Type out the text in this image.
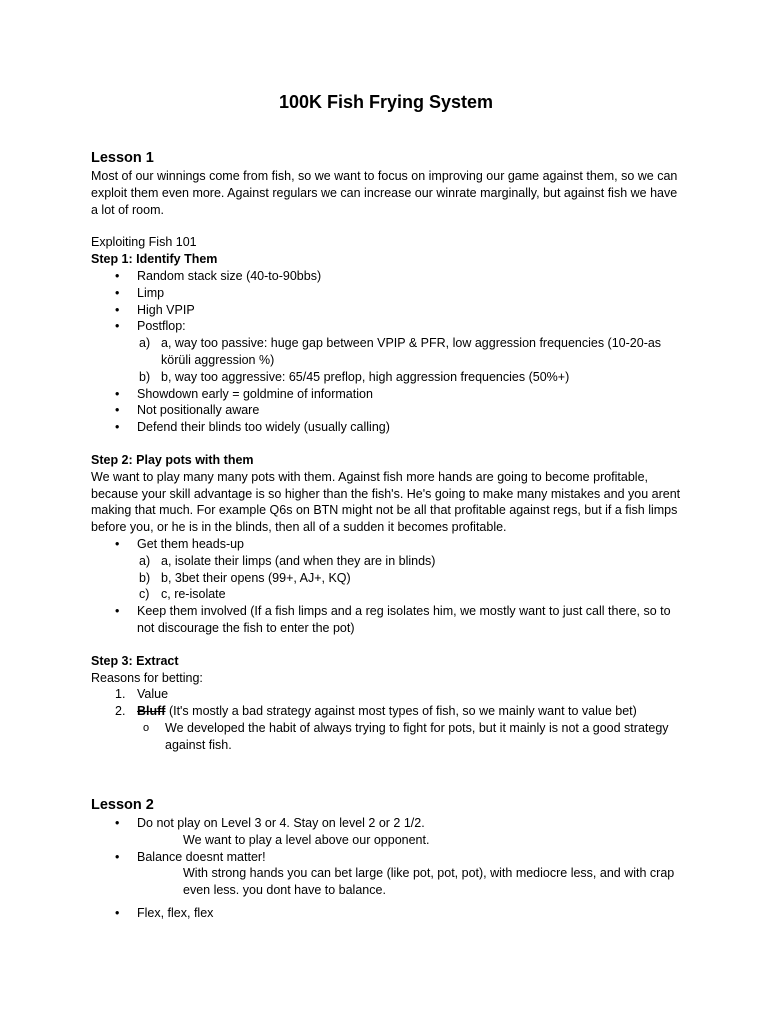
100K Fish Frying System
Lesson 1

Most of our winnings come from fish, so we want to focus on improving our game against them, so we can exploit them even more. Against regulars we can increase our winrate marginally, but against fish we have a lot of room.

Exploiting Fish 101

Step 1: Identify Them

• Random stack size (40-to-90bbs)
• Limp
• High VPIP
• Postflop:
a) a, way too passive: huge gap between VPIP & PFR, low aggression frequencies (10-20-as körüli aggression %)
b) b, way too aggressive: 65/45 preflop, high aggression frequencies (50%+)
• Showdown early = goldmine of information
• Not positionally aware
• Defend their blinds too widely (usually calling)

Step 2: Play pots with them

We want to play many many pots with them. Against fish more hands are going to become profitable, because your skill advantage is so higher than the fish's. He's going to make many mistakes and you arent making that much. For example Q6s on BTN might not be all that profitable against regs, but if a fish limps before you, or he is in the blinds, then all of a sudden it becomes profitable.

• Get them heads-up
a) a, isolate their limps (and when they are in blinds)
b) b, 3bet their opens (99+, AJ+, KQ)
c) c, re-isolate
• Keep them involved (If a fish limps and a reg isolates him, we mostly want to just call there, so to not discourage the fish to enter the pot)

Step 3: Extract

Reasons for betting:

1. Value
2. Bluff (It's mostly a bad strategy against most types of fish, so we mainly want to value bet)
o We developed the habit of always trying to fight for pots, but it mainly is not a good strategy against fish.
Lesson 2
• Do not play on Level 3 or 4. Stay on level 2 or 2 1/2.

We want to play a level above our opponent.

• Balance doesnt matter!

With strong hands you can bet large (like pot, pot, pot), with mediocre less, and with crap even less. you dont have to balance.

• Flex, flex, flex
